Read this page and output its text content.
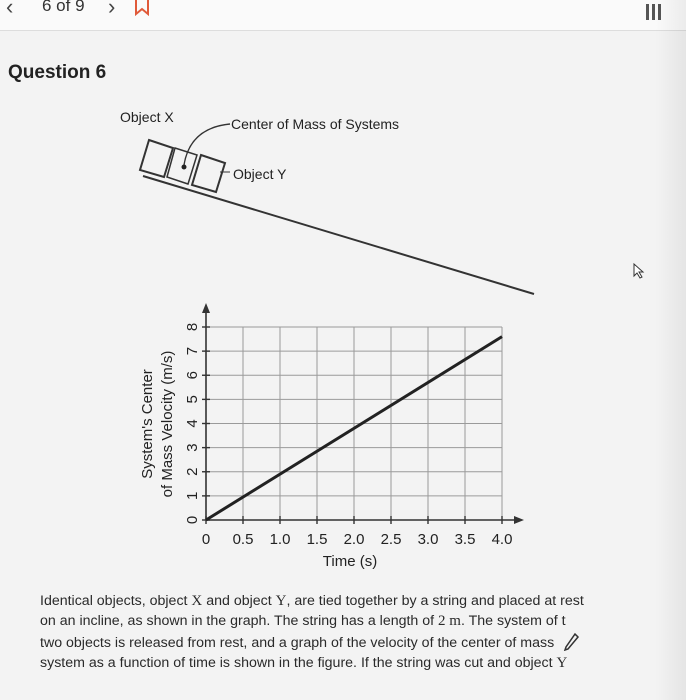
‹ 6 of 9 ›
Question 6
Object X	Center of Mass of Systems
Object Y
0 0.5 1.0 1.5 2.0 2.5 3.0 3.5 4.0
0
1
2
3
4
5
6
7
8
Time (s)
System's Center of Mass Velocity (m/s)
Identical objects, object X and object Y, are tied together by a string and placed at rest
on an incline, as shown in the graph. The string has a length of 2 m. The system of t
two objects is released from rest, and a graph of the velocity of the center of mass
system as a function of time is shown in the figure. If the string was cut and object Y
